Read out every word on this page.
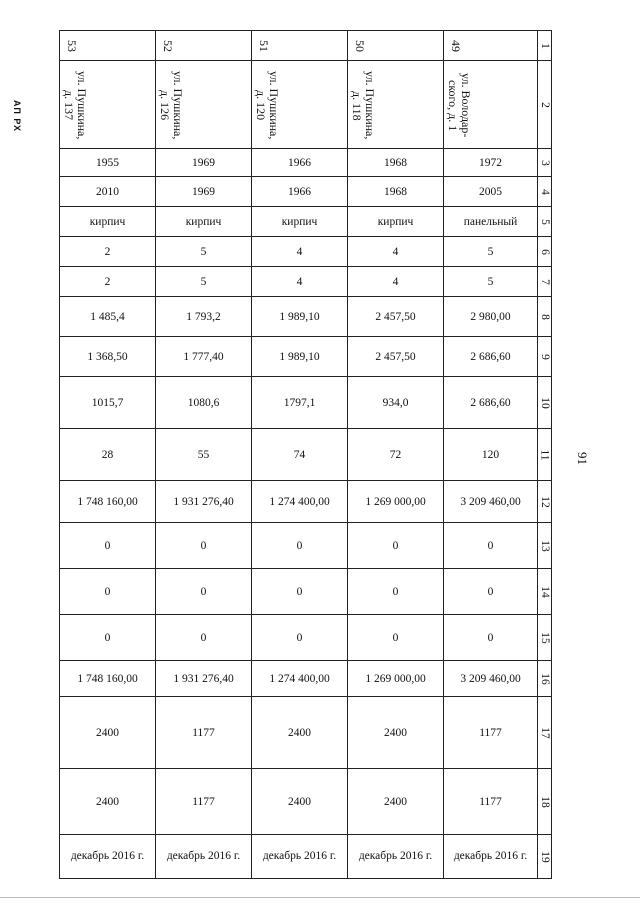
АП РХ
91
53	52	51	50	49	1

ул. Пушкина, д. 137	ул. Пушкина, д. 126	ул. Пушкина, д. 120	ул. Пушкина, д. 118	ул. Володар-ского, д. 1	2
1955	1969	1966	1968	1972	3
2010	1969	1966	1968	2005	4
кирпич	кирпич	кирпич	кирпич	панельный	5
2	5	4	4	5	6
2	5	4	4	5	7
1 485,4	1 793,2	1 989,10	2 457,50	2 980,00	8
1 368,50	1 777,40	1 989,10	2 457,50	2 686,60	9
1015,7	1080,6	1797,1	934,0	2 686,60	10
28	55	74	72	120	11
1 748 160,00	1 931 276,40	1 274 400,00	1 269 000,00	3 209 460,00	12
0	0	0	0	0	13
0	0	0	0	0	14
0	0	0	0	0	15
1 748 160,00	1 931 276,40	1 274 400,00	1 269 000,00	3 209 460,00	16
2400	1177	2400	2400	1177	17
2400	1177	2400	2400	1177	18
декабрь 2016 г.	декабрь 2016 г.	декабрь 2016 г.	декабрь 2016 г.	декабрь 2016 г.	19
